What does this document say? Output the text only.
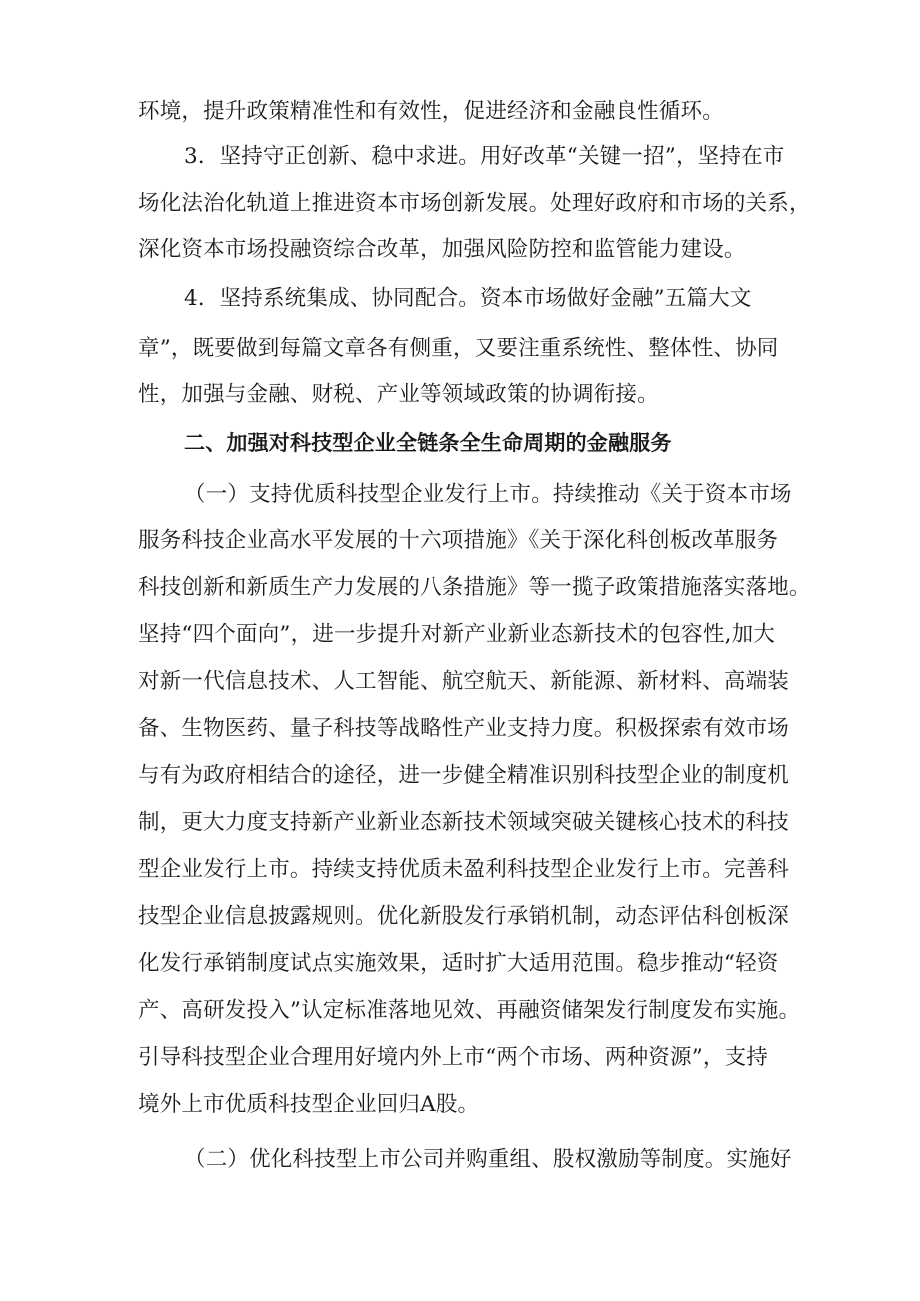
环境，提升政策精准性和有效性，促进经济和金融良性循环。
3．坚持守正创新、稳中求进。用好改革“关键一招”，坚持在市
场化法治化轨道上推进资本市场创新发展。处理好政府和市场的关系，
深化资本市场投融资综合改革，加强风险防控和监管能力建设。
4．坚持系统集成、协同配合。资本市场做好金融”五篇大文
章”，既要做到每篇文章各有侧重，又要注重系统性、整体性、协同
性，加强与金融、财税、产业等领域政策的协调衔接。
二、加强对科技型企业全链条全生命周期的金融服务
（一）支持优质科技型企业发行上市。持续推动《关于资本市场
服务科技企业高水平发展的十六项措施》《关于深化科创板改革服务
科技创新和新质生产力发展的八条措施》等一揽子政策措施落实落地。
坚持“四个面向”，进一步提升对新产业新业态新技术的包容性,加大
对新一代信息技术、人工智能、航空航天、新能源、新材料、高端装
备、生物医药、量子科技等战略性产业支持力度。积极探索有效市场
与有为政府相结合的途径，进一步健全精准识别科技型企业的制度机
制，更大力度支持新产业新业态新技术领域突破关键核心技术的科技
型企业发行上市。持续支持优质未盈利科技型企业发行上市。完善科
技型企业信息披露规则。优化新股发行承销机制，动态评估科创板深
化发行承销制度试点实施效果，适时扩大适用范围。稳步推动“轻资
产、高研发投入”认定标准落地见效、再融资储架发行制度发布实施。
引导科技型企业合理用好境内外上市“两个市场、两种资源”，支持
境外上市优质科技型企业回归A股。
（二）优化科技型上市公司并购重组、股权激励等制度。实施好
